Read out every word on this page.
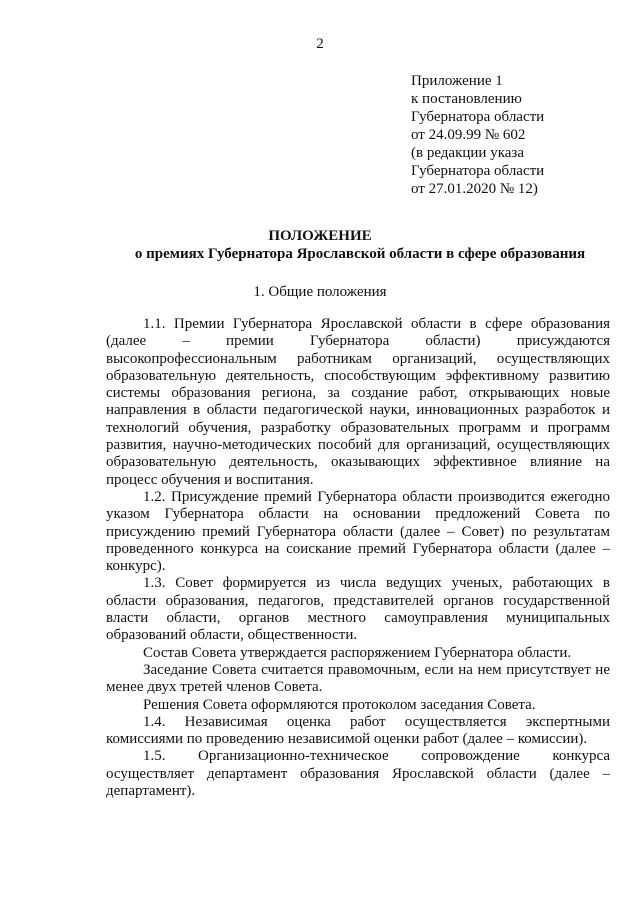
2
Приложение 1
к постановлению
Губернатора области
от 24.09.99 № 602
(в редакции указа
Губернатора области
от 27.01.2020 № 12)
ПОЛОЖЕНИЕ
о премиях Губернатора Ярославской области в сфере образования
1. Общие положения

1.1. Премии Губернатора Ярославской области в сфере образования (далее – премии Губернатора области) присуждаются высокопрофессиональным работникам организаций, осуществляющих образовательную деятельность, способствующим эффективному развитию системы образования региона, за создание работ, открывающих новые направления в области педагогической науки, инновационных разработок и технологий обучения, разработку образовательных программ и программ развития, научно-методических пособий для организаций, осуществляющих образовательную деятельность, оказывающих эффективное влияние на процесс обучения и воспитания.

1.2. Присуждение премий Губернатора области производится ежегодно указом Губернатора области на основании предложений Совета по присуждению премий Губернатора области (далее – Совет) по результатам проведенного конкурса на соискание премий Губернатора области (далее – конкурс).

1.3. Совет формируется из числа ведущих ученых, работающих в области образования, педагогов, представителей органов государственной власти области, органов местного самоуправления муниципальных образований области, общественности.

Состав Совета утверждается распоряжением Губернатора области.

Заседание Совета считается правомочным, если на нем присутствует не менее двух третей членов Совета.

Решения Совета оформляются протоколом заседания Совета.

1.4. Независимая оценка работ осуществляется экспертными комиссиями по проведению независимой оценки работ (далее – комиссии).

1.5. Организационно-техническое сопровождение конкурса осуществляет департамент образования Ярославской области (далее – департамент).
